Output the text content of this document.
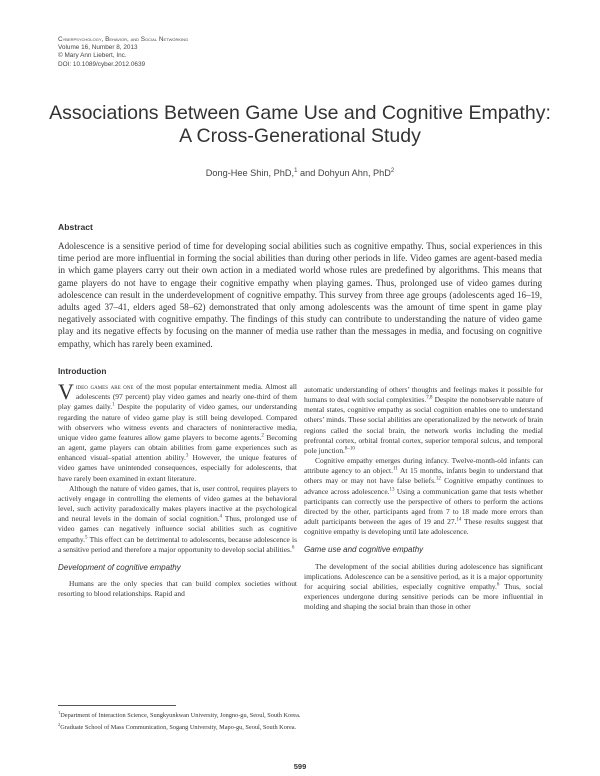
Cyberpsychology, Behavior, and Social Networking
Volume 16, Number 8, 2013
© Mary Ann Liebert, Inc.
DOI: 10.1089/cyber.2012.0639
Associations Between Game Use and Cognitive Empathy:
A Cross-Generational Study
Dong-Hee Shin, PhD,$^1$ and Dohyun Ahn, PhD$^2$
Abstract
Adolescence is a sensitive period of time for developing social abilities such as cognitive empathy. Thus, social experiences in this time period are more influential in forming the social abilities than during other periods in life. Video games are agent-based media in which game players carry out their own action in a mediated world whose rules are predefined by algorithms. This means that game players do not have to engage their cognitive empathy when playing games. Thus, prolonged use of video games during adolescence can result in the underdevelopment of cognitive empathy. This survey from three age groups (adolescents aged 16–19, adults aged 37–41, elders aged 58–62) demonstrated that only among adolescents was the amount of time spent in game play negatively associated with cognitive empathy. The findings of this study can contribute to understanding the nature of video game play and its negative effects by focusing on the manner of media use rather than the messages in media, and focusing on cognitive empathy, which has rarely been examined.
Introduction

Video games are one of the most popular entertainment media. Almost all adolescents (97 percent) play video games and nearly one-third of them play games daily.$^1$ Despite the popularity of video games, our understanding regarding the nature of video game play is still being developed. Compared with observers who witness events and characters of noninteractive media, unique video game features allow game players to become agents.$^2$ Becoming an agent, game players can obtain abilities from game experiences such as enhanced visual–spatial attention ability.$^3$ However, the unique features of video games have unintended consequences, especially for adolescents, that have rarely been examined in extant literature.

Although the nature of video games, that is, user control, requires players to actively engage in controlling the elements of video games at the behavioral level, such activity paradoxically makes players inactive at the psychological and neural levels in the domain of social cognition.$^4$ Thus, prolonged use of video games can negatively influence social abilities such as cognitive empathy.$^5$ This effect can be detrimental to adolescents, because adolescence is a sensitive period and therefore a major opportunity to develop social abilities.$^6$

Development of cognitive empathy

Humans are the only species that can build complex societies without resorting to blood relationships. Rapid and

automatic understanding of others’ thoughts and feelings makes it possible for humans to deal with social complexities.$^{7,8}$ Despite the nonobservable nature of mental states, cognitive empathy as social cognition enables one to understand others’ minds. These social abilities are operationalized by the network of brain regions called the social brain, the network works including the medial prefrontal cortex, orbital frontal cortex, superior temporal sulcus, and temporal pole junction.$^{8-10}$

Cognitive empathy emerges during infancy. Twelve-month-old infants can attribute agency to an object.$^{11}$ At 15 months, infants begin to understand that others may or may not have false beliefs.$^{12}$ Cognitive empathy continues to advance across adolescence.$^{13}$ Using a communication game that tests whether participants can correctly use the perspective of others to perform the actions directed by the other, participants aged from 7 to 18 made more errors than adult participants between the ages of 19 and 27.14 These results suggest that cognitive empathy is developing until late adolescence.

Game use and cognitive empathy

The development of the social abilities during adolescence has significant implications. Adolescence can be a sensitive period, as it is a major opportunity for acquiring social abilities, especially cognitive empathy.$^6$ Thus, social experiences undergone during sensitive periods can be more influential in molding and shaping the social brain than those in other

$^1$Department of Interaction Science, Sungkyunkwan University, Jongno-gu, Seoul, South Korea.
$^2$Graduate School of Mass Communication, Sogang University, Mapo-gu, Seoul, South Korea.
599
